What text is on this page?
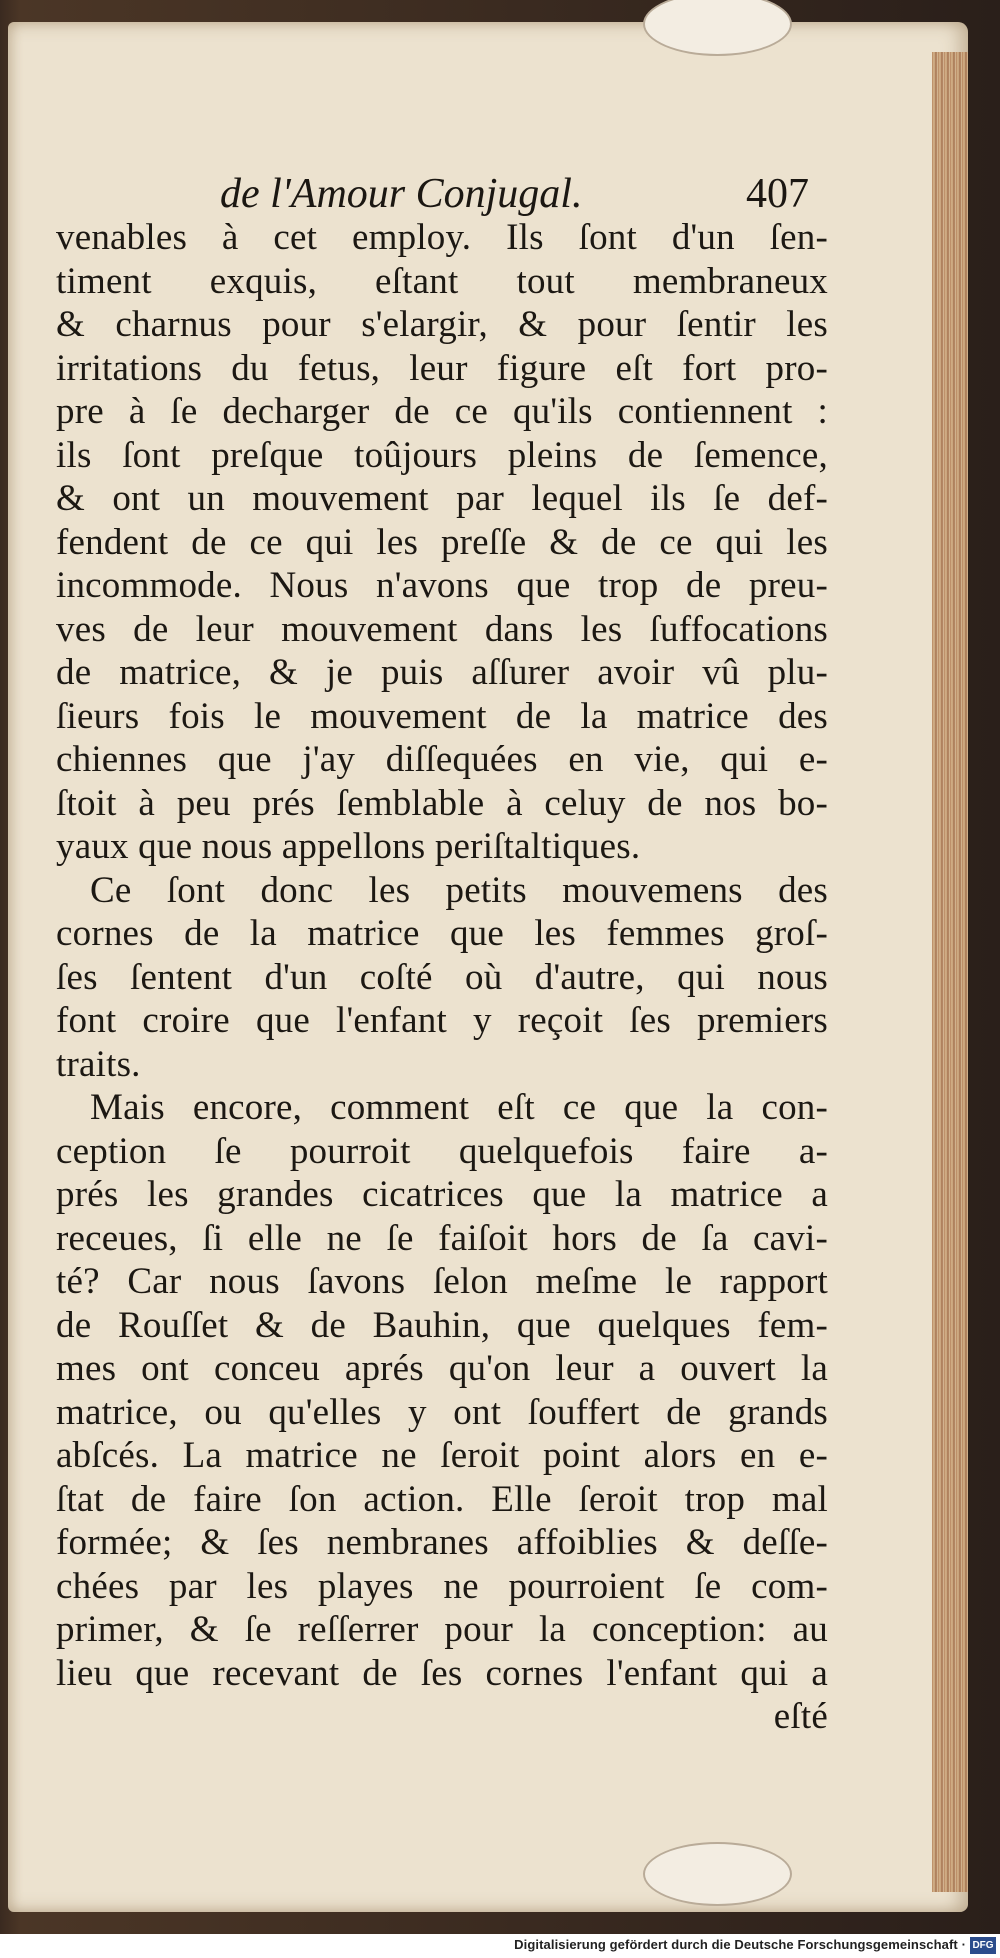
de l'Amour Conjugal.	407
venables à cet employ. Ils ſont d'un ſen-
timent exquis, eſtant tout membraneux
& charnus pour s'elargir, & pour ſentir les
irritations du fetus, leur figure eſt fort pro-
pre à ſe decharger de ce qu'ils contiennent :
ils ſont preſque toûjours pleins de ſemence,
& ont un mouvement par lequel ils ſe def-
fendent de ce qui les preſſe & de ce qui les
incommode. Nous n'avons que trop de preu-
ves de leur mouvement dans les ſuffocations
de matrice, & je puis aſſurer avoir vû plu-
ſieurs fois le mouvement de la matrice des
chiennes que j'ay diſſequées en vie, qui e-
ſtoit à peu prés ſemblable à celuy de nos bo-
yaux que nous appellons periſtaltiques.
Ce ſont donc les petits mouvemens des
cornes de la matrice que les femmes groſ-
ſes ſentent d'un coſté où d'autre, qui nous
font croire que l'enfant y reçoit ſes premiers
traits.
Mais encore, comment eſt ce que la con-
ception ſe pourroit quelquefois faire a-
prés les grandes cicatrices que la matrice a
receues, ſi elle ne ſe faiſoit hors de ſa cavi-
té? Car nous ſavons ſelon meſme le rapport
de Rouſſet & de Bauhin, que quelques fem-
mes ont conceu aprés qu'on leur a ouvert la
matrice, ou qu'elles y ont ſouffert de grands
abſcés. La matrice ne ſeroit point alors en e-
ſtat de faire ſon action. Elle ſeroit trop mal
formée; & ſes nembranes affoiblies & deſſe-
chées par les playes ne pourroient ſe com-
primer, & ſe reſſerrer pour la conception: au
lieu que recevant de ſes cornes l'enfant qui a
eſté
Digitalisierung gefördert durch die Deutsche Forschungsgemeinschaft · DFG
